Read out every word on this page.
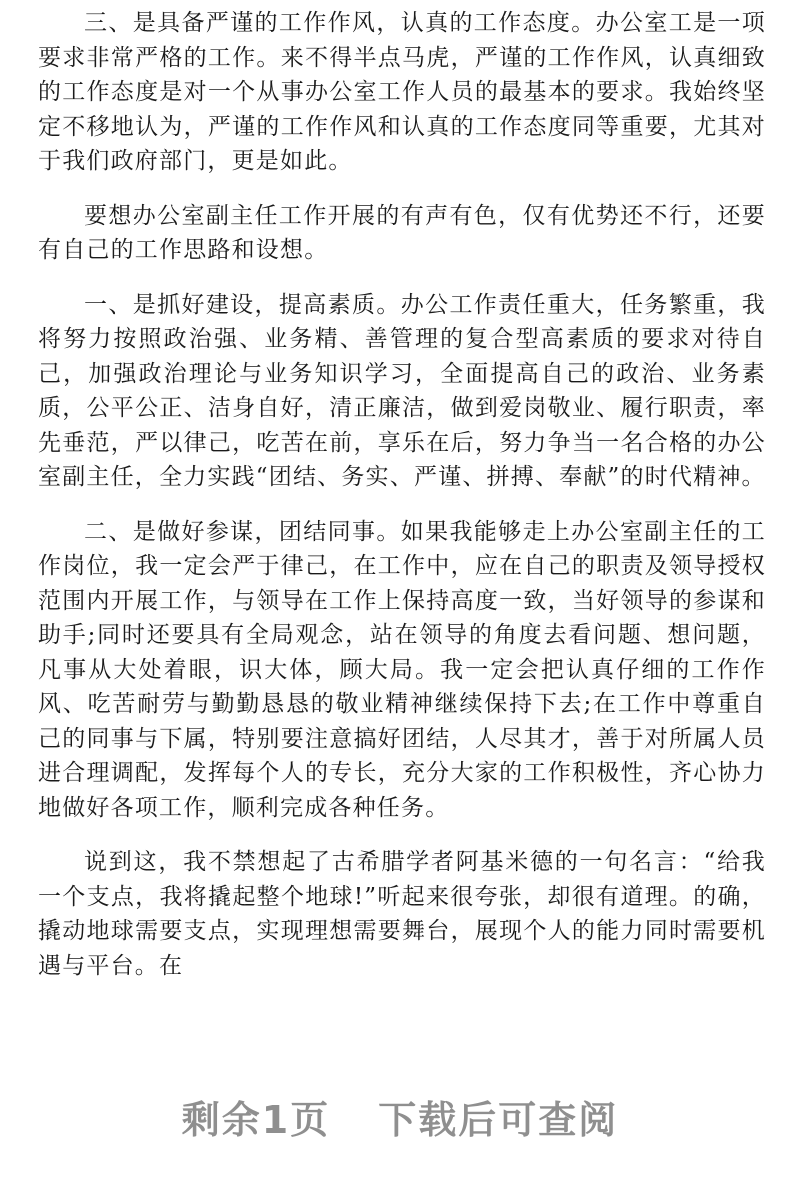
三、是具备严谨的工作作风，认真的工作态度。办公室工是一项要求非常严格的工作。来不得半点马虎，严谨的工作作风，认真细致的工作态度是对一个从事办公室工作人员的最基本的要求。我始终坚定不移地认为，严谨的工作作风和认真的工作态度同等重要，尤其对于我们政府部门，更是如此。

要想办公室副主任工作开展的有声有色，仅有优势还不行，还要有自己的工作思路和设想。

一、是抓好建设，提高素质。办公工作责任重大，任务繁重，我将努力按照政治强、业务精、善管理的复合型高素质的要求对待自己，加强政治理论与业务知识学习，全面提高自己的政治、业务素质，公平公正、洁身自好，清正廉洁，做到爱岗敬业、履行职责，率先垂范，严以律己，吃苦在前，享乐在后，努力争当一名合格的办公室副主任，全力实践“团结、务实、严谨、拼搏、奉献”的时代精神。

二、是做好参谋，团结同事。如果我能够走上办公室副主任的工作岗位，我一定会严于律己，在工作中，应在自己的职责及领导授权范围内开展工作，与领导在工作上保持高度一致，当好领导的参谋和助手;同时还要具有全局观念，站在领导的角度去看问题、想问题，凡事从大处着眼，识大体，顾大局。我一定会把认真仔细的工作作风、吃苦耐劳与勤勤恳恳的敬业精神继续保持下去;在工作中尊重自己的同事与下属，特别要注意搞好团结，人尽其才，善于对所属人员进合理调配，发挥每个人的专长，充分大家的工作积极性，齐心协力地做好各项工作，顺利完成各种任务。

说到这，我不禁想起了古希腊学者阿基米德的一句名言：“给我一个支点，我将撬起整个地球!”听起来很夸张，却很有道理。的确，撬动地球需要支点，实现理想需要舞台，展现个人的能力同时需要机遇与平台。在

剩余1页 下载后可查阅
